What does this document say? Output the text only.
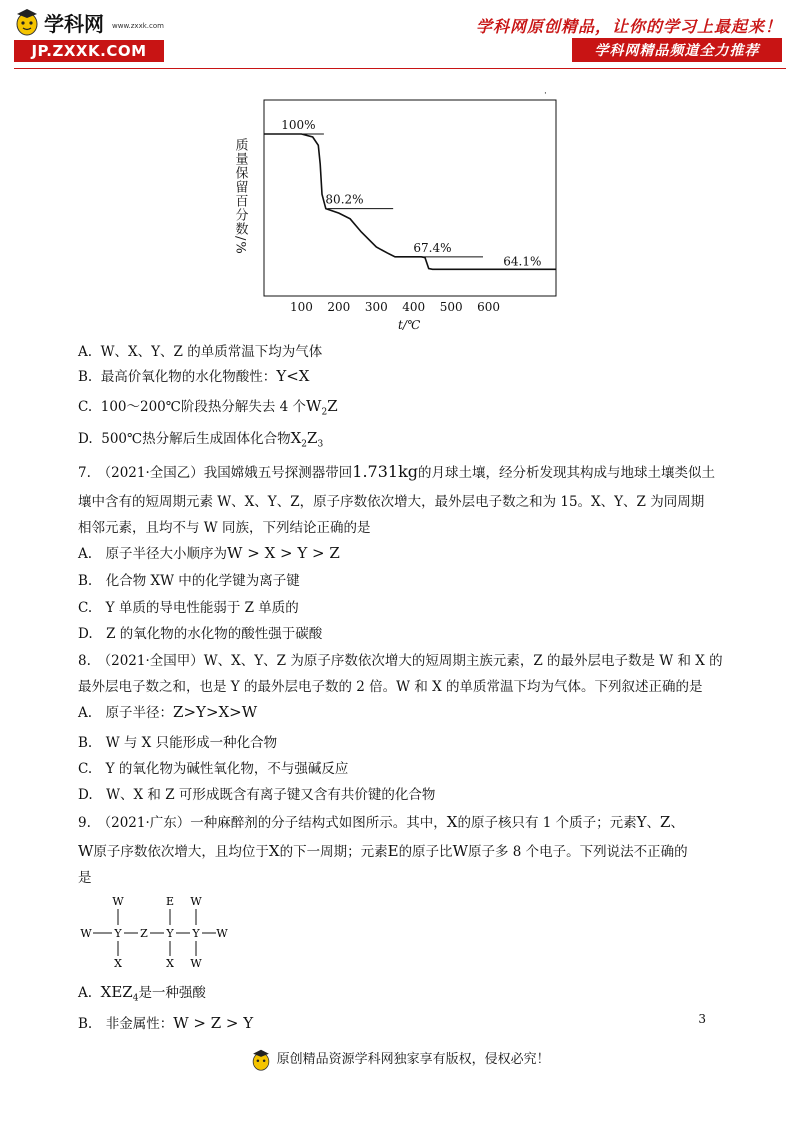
学科网 www.zxxk.com
JP.ZXXK.COM
学科网原创精品，让你的学习上最起来！
学科网精品频道全力推荐
·
质量保留百分数/%
100 200 300 400 500 600
100%
80.2%
67.4%
64.1%
t/℃
A. W、X、Y、Z 的单质常温下均为气体
B. 最高价氧化物的水化物酸性：Y<X
C. 100～200℃阶段热分解失去 4 个$W_2Z$
D. 500℃热分解后生成固体化合物$X_2Z_3$
7.　（2021·全国乙）我国嫦娥五号探测器带回1.731kg的月球土壤，经分析发现其构成与地球土壤类似土
壤中含有的短周期元素 W、X、Y、Z，原子序数依次增大，最外层电子数之和为 15。X、Y、Z 为同周期
相邻元素，且均不与 W 同族，下列结论正确的是
A.　原子半径大小顺序为W > X > Y > Z
B.　化合物 XW 中的化学键为离子键
C.　Y 单质的导电性能弱于 Z 单质的
D.　Z 的氧化物的水化物的酸性强于碳酸
8.　（2021·全国甲）W、X、Y、Z 为原子序数依次增大的短周期主族元素，Z 的最外层电子数是 W 和 X 的
最外层电子数之和，也是 Y 的最外层电子数的 2 倍。W 和 X 的单质常温下均为气体。下列叙述正确的是
A.　原子半径：Z>Y>X>W
B.　W 与 X 只能形成一种化合物
C.　Y 的氧化物为碱性氧化物，不与强碱反应
D.　W、X 和 Z 可形成既含有离子键又含有共价键的化合物
9.　（2021·广东）一种麻醉剂的分子结构式如图所示。其中，X的原子核只有 1 个质子；元素Y、Z、
W原子序数依次增大，且均位于X的下一周期；元素E的原子比W原子多 8 个电子。下列说法不正确的
是
W	E W
W Y Z Y Y W
X	X W
A. $XEZ_4$是一种强酸
B.　非金属性：W > Z > Y	3
原创精品资源学科网独家享有版权，侵权必究！
